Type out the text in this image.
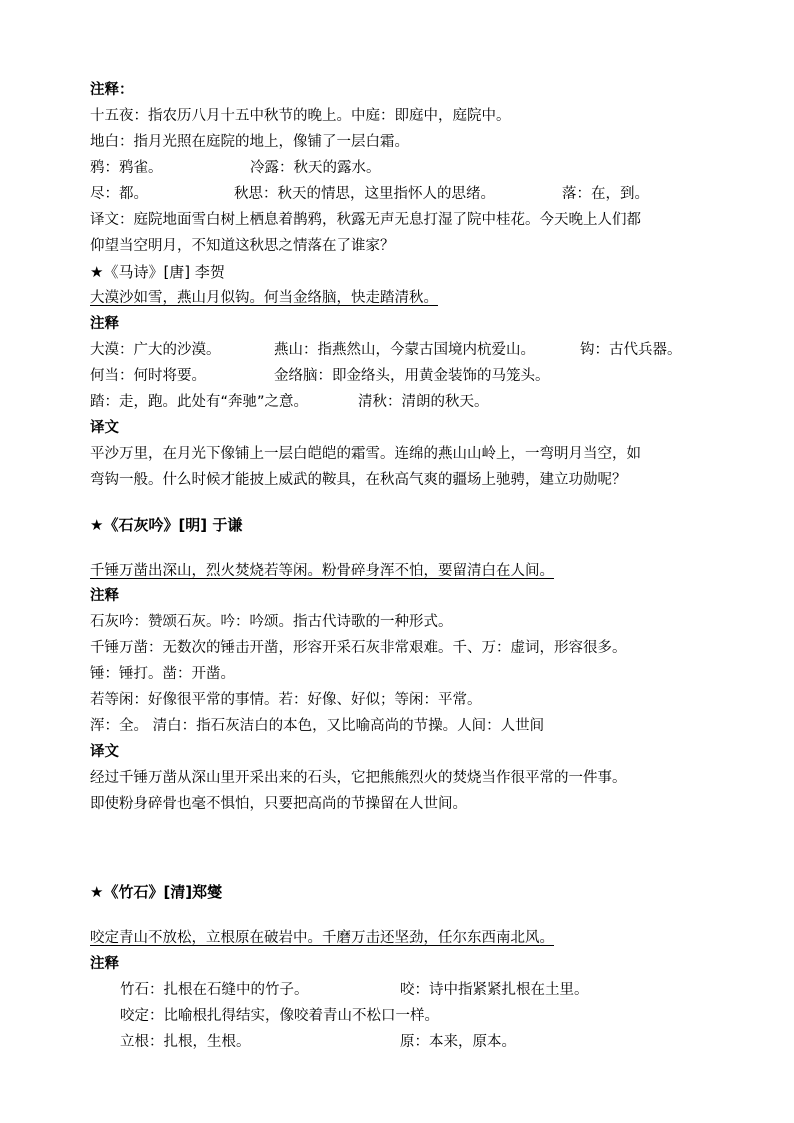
注释：
十五夜：指农历八月十五中秋节的晚上。中庭：即庭中，庭院中。
地白：指月光照在庭院的地上，像铺了一层白霜。
鸦：鸦雀。	冷露：秋天的露水。
尽：都。	秋思：秋天的情思，这里指怀人的思绪。	落：在，到。
译文：庭院地面雪白树上栖息着鹊鸦，秋露无声无息打湿了院中桂花。今天晚上人们都
仰望当空明月，不知道这秋思之情落在了谁家？
★《马诗》[唐] 李贺
大漠沙如雪，燕山月似钩。何当金络脑，快走踏清秋。
注释
大漠：广大的沙漠。	燕山：指燕然山，今蒙古国境内杭爱山。	钩：古代兵器。
何当：何时将要。	金络脑：即金络头，用黄金装饰的马笼头。
踏：走，跑。此处有“奔驰”之意。	清秋：清朗的秋天。
译文
平沙万里，在月光下像铺上一层白皑皑的霜雪。连绵的燕山山岭上，一弯明月当空，如
弯钩一般。什么时候才能披上威武的鞍具，在秋高气爽的疆场上驰骋，建立功勋呢？
★《石灰吟》[明] 于谦
千锤万凿出深山，烈火焚烧若等闲。粉骨碎身浑不怕，要留清白在人间。
注释
石灰吟：赞颂石灰。吟：吟颂。指古代诗歌的一种形式。
千锤万凿：无数次的锤击开凿，形容开采石灰非常艰难。千、万：虚词，形容很多。
锤：锤打。凿：开凿。
若等闲：好像很平常的事情。若：好像、好似；等闲：平常。
浑：全。 清白：指石灰洁白的本色，又比喻高尚的节操。人间：人世间
译文
经过千锤万凿从深山里开采出来的石头，它把熊熊烈火的焚烧当作很平常的一件事。
即使粉身碎骨也毫不惧怕，只要把高尚的节操留在人世间。
★《竹石》[清]郑燮
咬定青山不放松，立根原在破岩中。千磨万击还坚劲，任尔东西南北风。
注释
竹石：扎根在石缝中的竹子。	咬：诗中指紧紧扎根在土里。
咬定：比喻根扎得结实，像咬着青山不松口一样。
立根：扎根，生根。	原：本来，原本。
